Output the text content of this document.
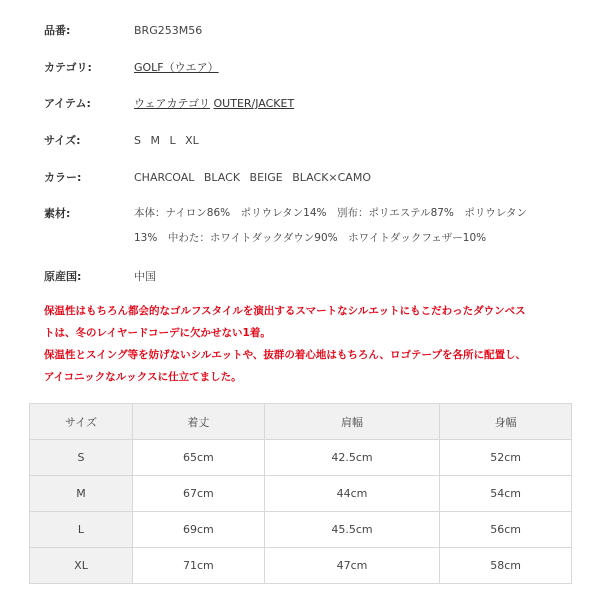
品番:	BRG253M56
カテゴリ:	GOLF（ウエア）
アイテム:	ウェアカテゴリ OUTER/JACKET
サイズ:	S M L XL
カラー:	CHARCOAL BLACK BEIGE BLACK×CAMO
素材:	本体：ナイロン86%　ポリウレタン14%　別布：ポリエステル87%　ポリウレタン
13%　中わた：ホワイトダックダウン90%　ホワイトダックフェザー10%
原産国:	中国

保温性はもちろん都会的なゴルフスタイルを演出するスマートなシルエットにもこだわったダウンベス

トは、冬のレイヤードコーデに欠かせない1着。

保温性とスイング等を妨げないシルエットや、抜群の着心地はもちろん、ロゴテープを各所に配置し、

アイコニックなルックスに仕立てました。

サイズ	着丈	肩幅	身幅
S	65cm	42.5cm	52cm
M	67cm	44cm	54cm
L	69cm	45.5cm	56cm
XL	71cm	47cm	58cm
